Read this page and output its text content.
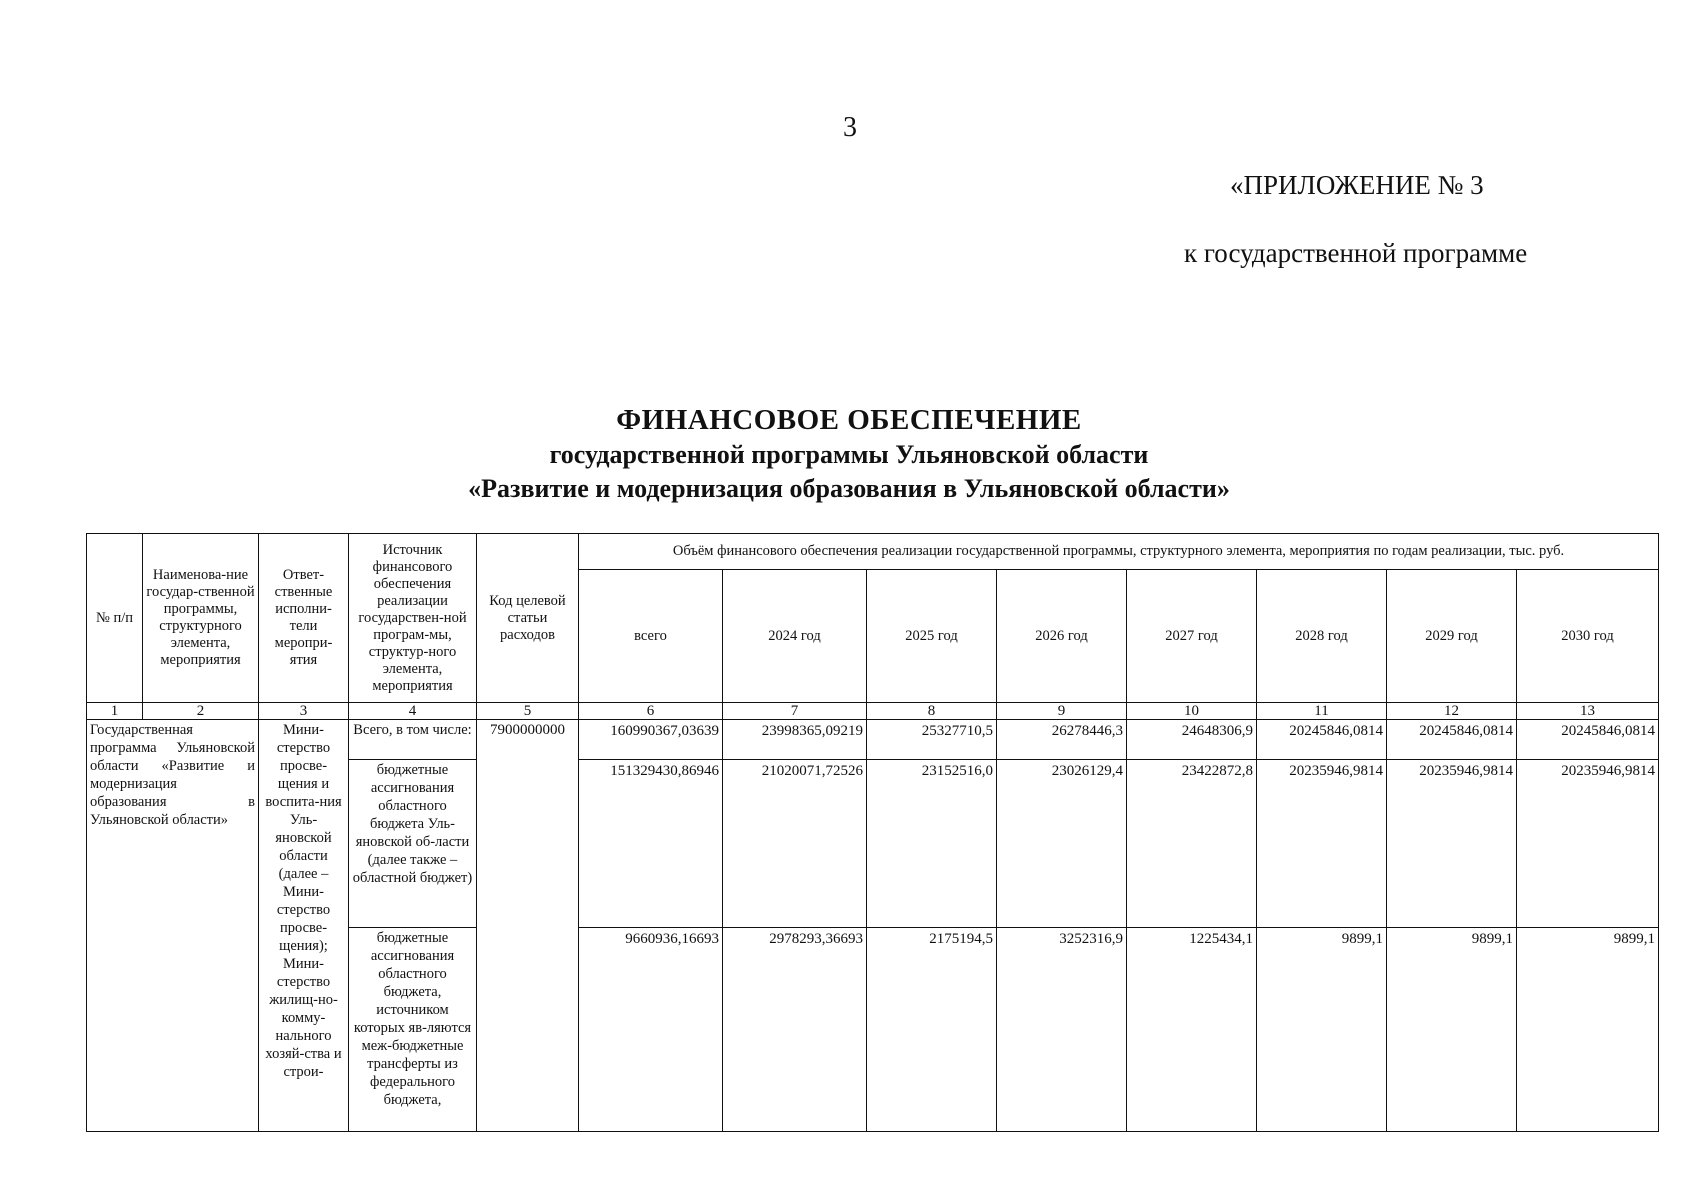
3
«ПРИЛОЖЕНИЕ № 3
к государственной программе
ФИНАНСОВОЕ ОБЕСПЕЧЕНИЕ
государственной программы Ульяновской области
«Развитие и модернизация образования в Ульяновской области»
№ п/п	Наименова-ние государ-ственной программы, структурного элемента, мероприятия	Ответ-ственные исполни-тели меропри-ятия	Источник финансового обеспечения реализации государствен-ной програм-мы, структур-ного элемента, мероприятия	Код целевой статьи расходов	Объём финансового обеспечения реализации государственной программы, структурного элемента, мероприятия по годам реализации, тыс. руб.							
					всего	2024 год	2025 год	2026 год	2027 год	2028 год	2029 год	2030 год
1	2	3	4	5	6	7	8	9	10	11	12	13
Государственная программа Ульяновской области «Развитие и модернизация образования в Ульяновской области»		Мини-стерство просве-щения и воспита-ния Уль-яновской области (далее – Мини-стерство просве-щения); Мини-стерство жилищ-но-комму-нального хозяй-ства и строи-	Всего, в том числе:	7900000000	160990367,03639	23998365,09219	25327710,5	26278446,3	24648306,9	20245846,0814	20245846,0814	20245846,0814
			бюджетные ассигнования областного бюджета Уль-яновской об-ласти (далее также – областной бюджет)		151329430,86946	21020071,72526	23152516,0	23026129,4	23422872,8	20235946,9814	20235946,9814	20235946,9814
			бюджетные ассигнования областного бюджета, источником которых яв-ляются меж-бюджетные трансферты из федерального бюджета,		9660936,16693	2978293,36693	2175194,5	3252316,9	1225434,1	9899,1	9899,1	9899,1
